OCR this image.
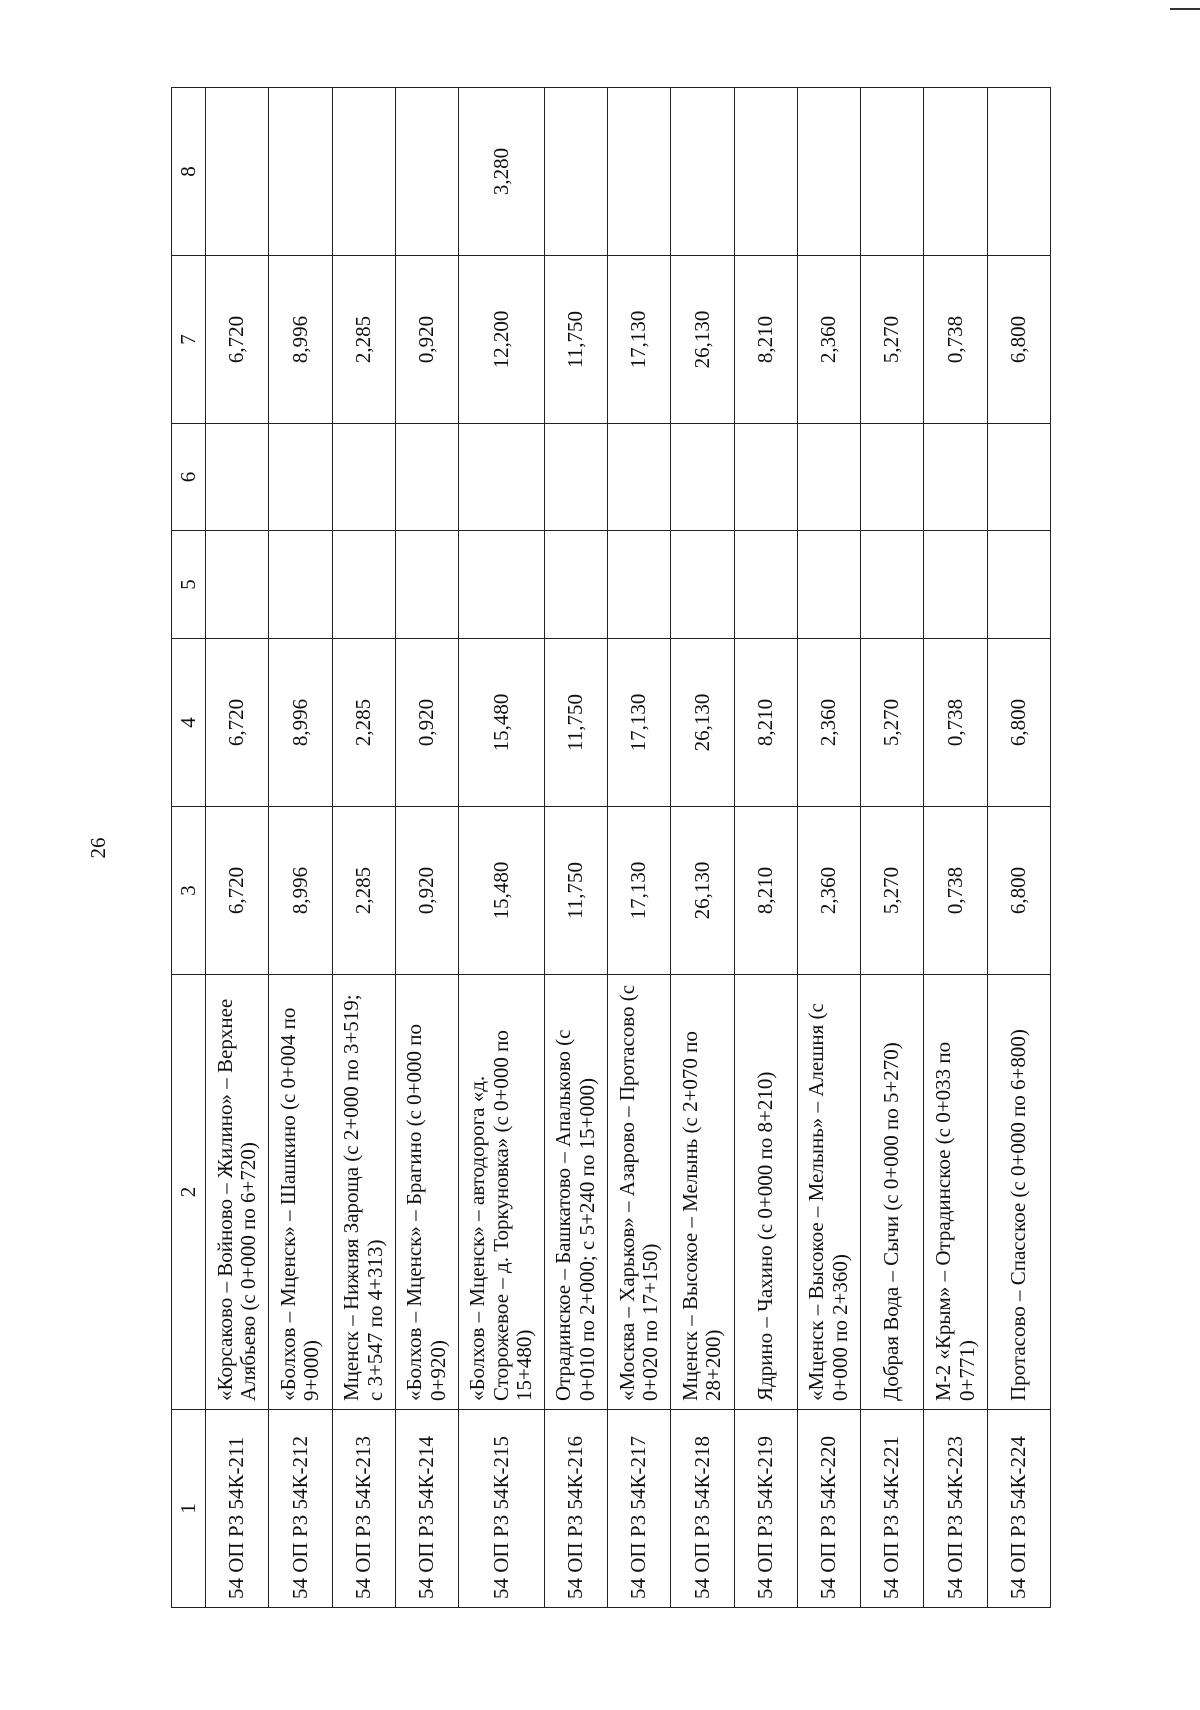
26
1	2	3	4	5	6	7	8
54 ОП РЗ 54К-211	«Корсаково – Войново – Жилино» – Верхнее Алябьево (с 0+000 по 6+720)	6,720	6,720			6,720	
54 ОП РЗ 54К-212	«Болхов – Мценск» – Шашкино (с 0+004 по 9+000)	8,996	8,996			8,996	
54 ОП РЗ 54К-213	Мценск – Нижняя Зароща (с 2+000 по 3+519; с 3+547 по 4+313)	2,285	2,285			2,285	
54 ОП РЗ 54К-214	«Болхов – Мценск» – Брагино (с 0+000 по 0+920)	0,920	0,920			0,920	
54 ОП РЗ 54К-215	«Болхов – Мценск» – автодорога «д. Сторожевое – д. Торкуновка» (с 0+000 по 15+480)	15,480	15,480			12,200	3,280
54 ОП РЗ 54К-216	Отрадинское – Башкатово – Апальково (с 0+010 по 2+000; с 5+240 по 15+000)	11,750	11,750			11,750	
54 ОП РЗ 54К-217	«Москва – Харьков» – Азарово – Протасово (с 0+020 по 17+150)	17,130	17,130			17,130	
54 ОП РЗ 54К-218	Мценск – Высокое – Мелынь (с 2+070 по 28+200)	26,130	26,130			26,130	
54 ОП РЗ 54К-219	Ядрино – Чахино (с 0+000 по 8+210)	8,210	8,210			8,210	
54 ОП РЗ 54К-220	«Мценск – Высокое – Мелынь» – Алешня (с 0+000 по 2+360)	2,360	2,360			2,360	
54 ОП РЗ 54К-221	Добрая Вода – Сычи (с 0+000 по 5+270)	5,270	5,270			5,270	
54 ОП РЗ 54К-223	М-2 «Крым» – Отрадинское (с 0+033 по 0+771)	0,738	0,738			0,738	
54 ОП РЗ 54К-224	Протасово – Спасское (с 0+000 по 6+800)	6,800	6,800			6,800	
